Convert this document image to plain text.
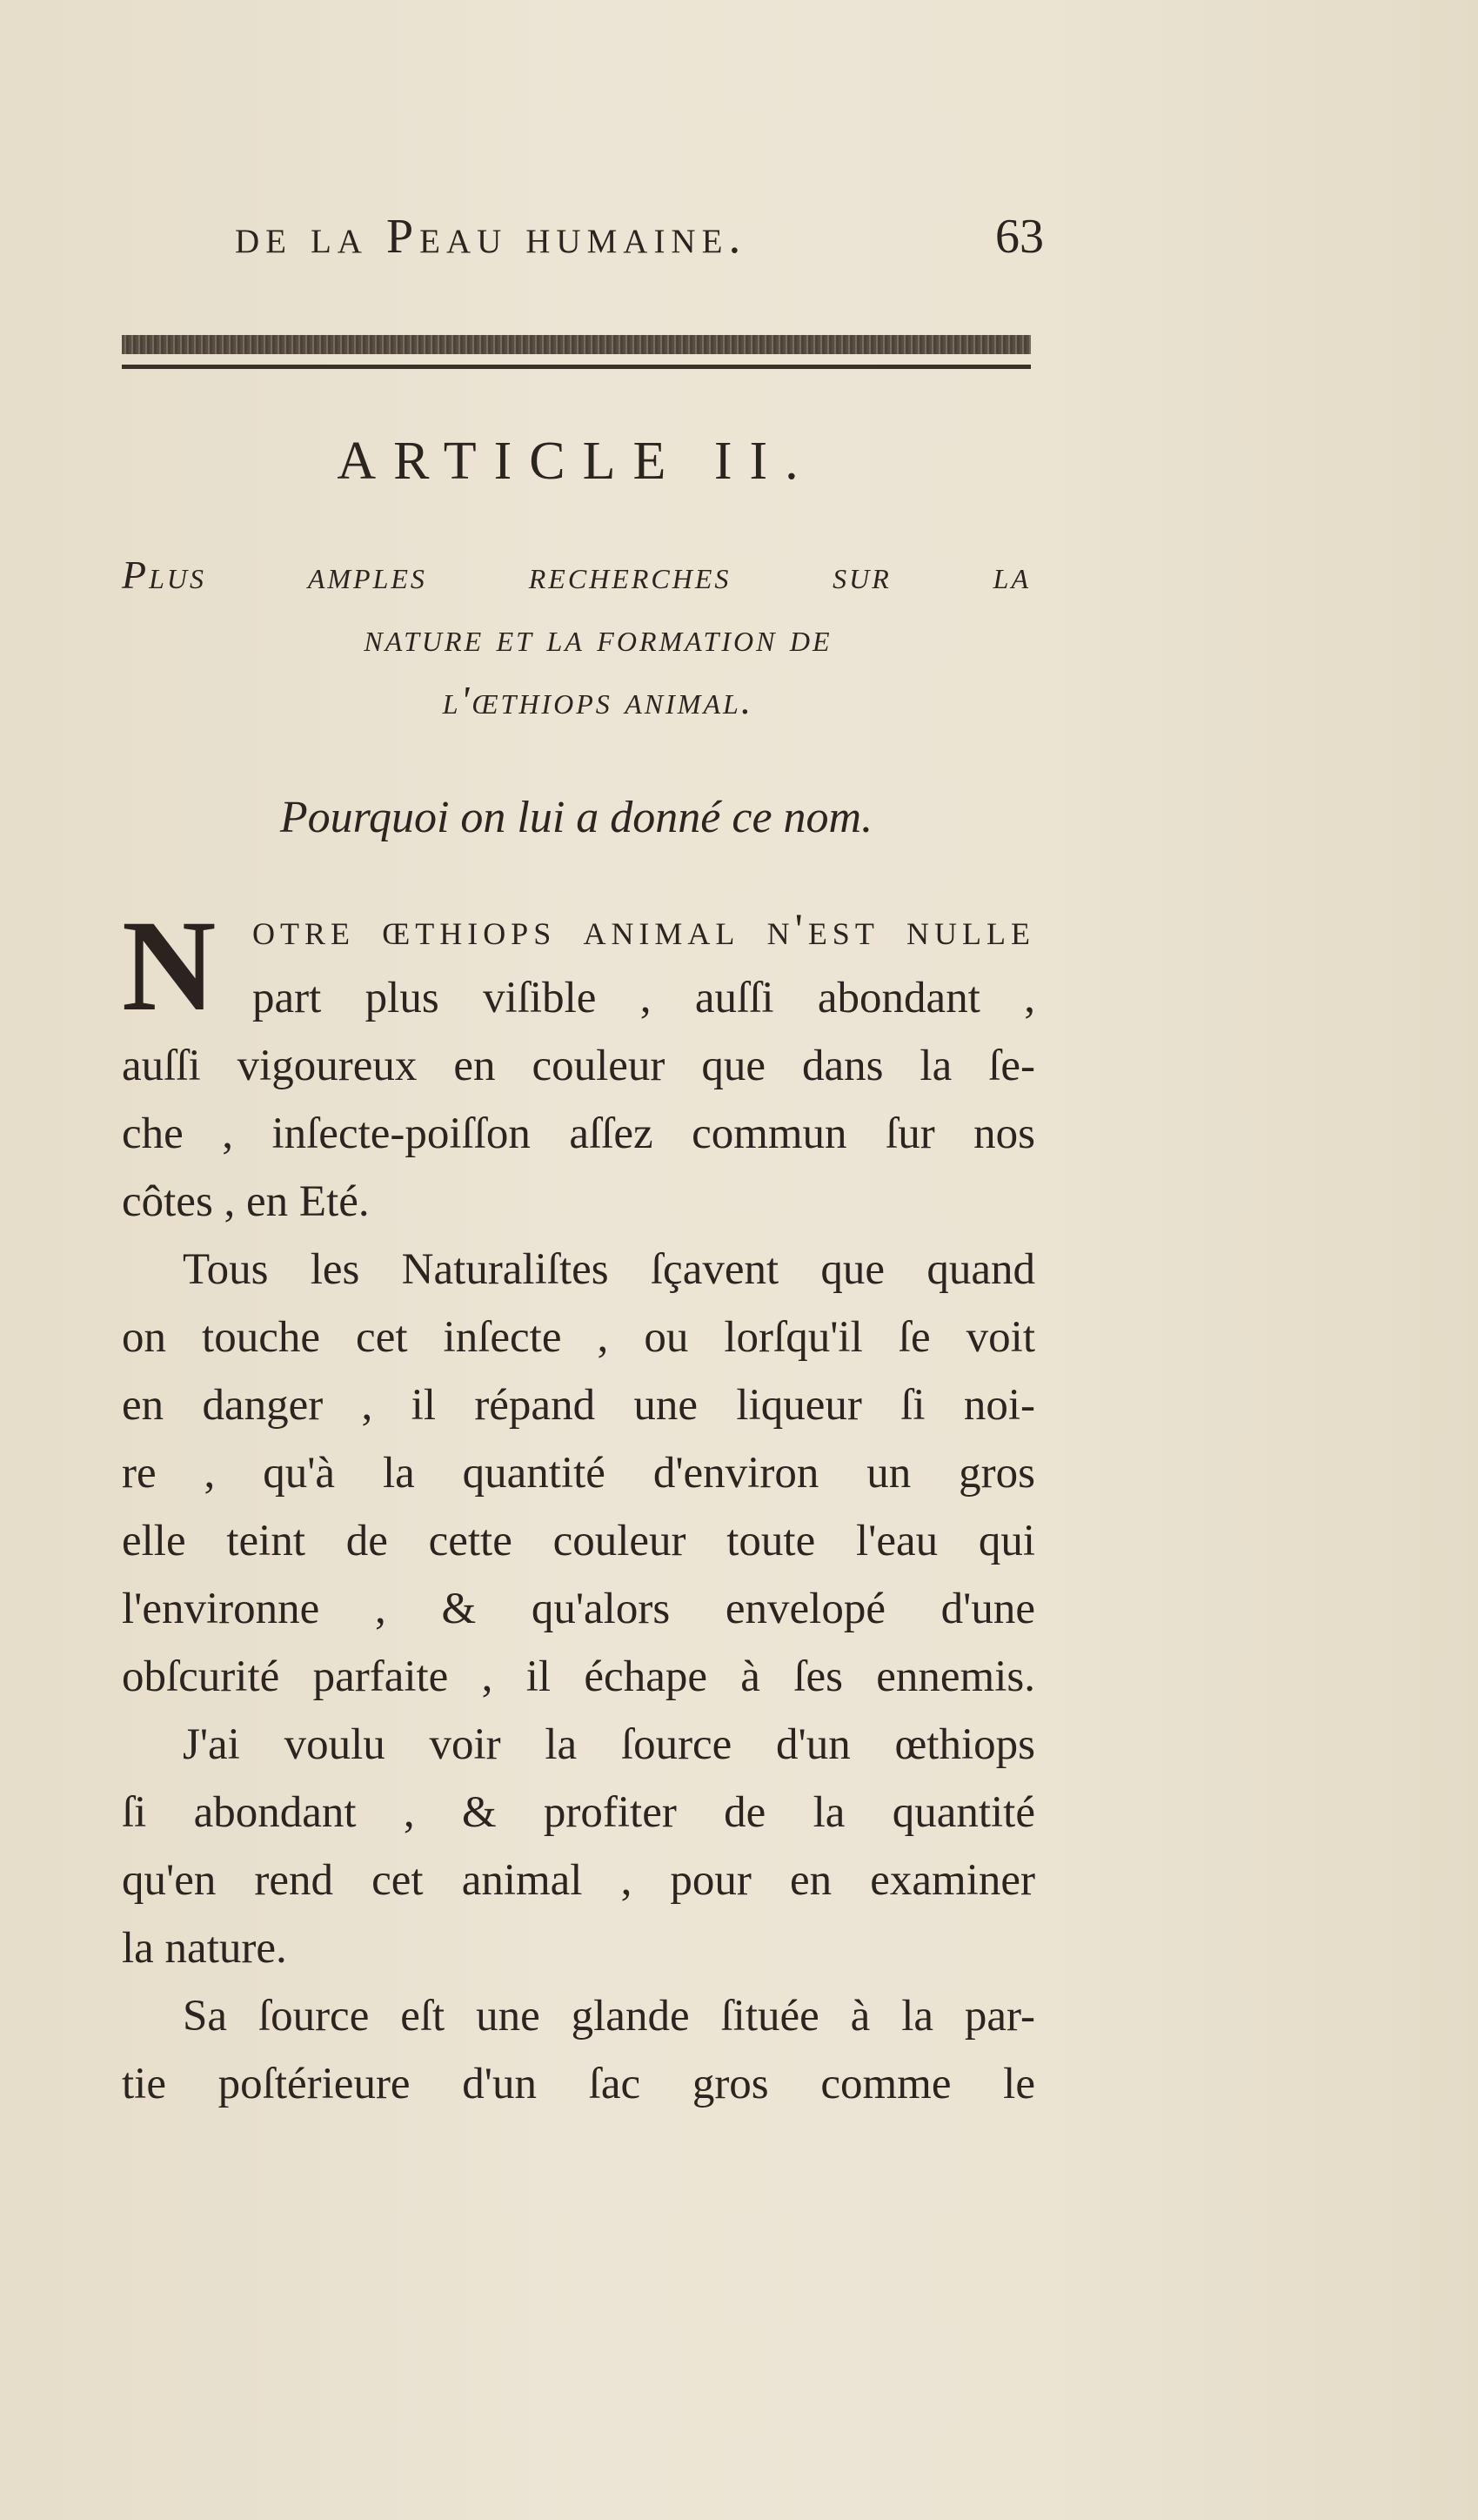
de la Peau humaine.	63
ARTICLE II.
Plus amples recherches sur la
nature et la formation de
l'œthiops animal.
Pourquoi on lui a donné ce nom.
N otre œthiops animal n'eſt nulle
part plus viſible , auſſi abondant ,
auſſi vigoureux en couleur que dans la ſe-
che , inſecte-poiſſon aſſez commun ſur nos
côtes , en Eté.
Tous les Naturaliſtes ſçavent que quand
on touche cet inſecte , ou lorſqu'il ſe voit
en danger , il répand une liqueur ſi noi-
re , qu'à la quantité d'environ un gros
elle teint de cette couleur toute l'eau qui
l'environne , & qu'alors envelopé d'une
obſcurité parfaite , il échape à ſes ennemis.
J'ai voulu voir la ſource d'un œthiops
ſi abondant , & profiter de la quantité
qu'en rend cet animal , pour en examiner
la nature.
Sa ſource eſt une glande ſituée à la par-
tie poſtérieure d'un ſac gros comme le
